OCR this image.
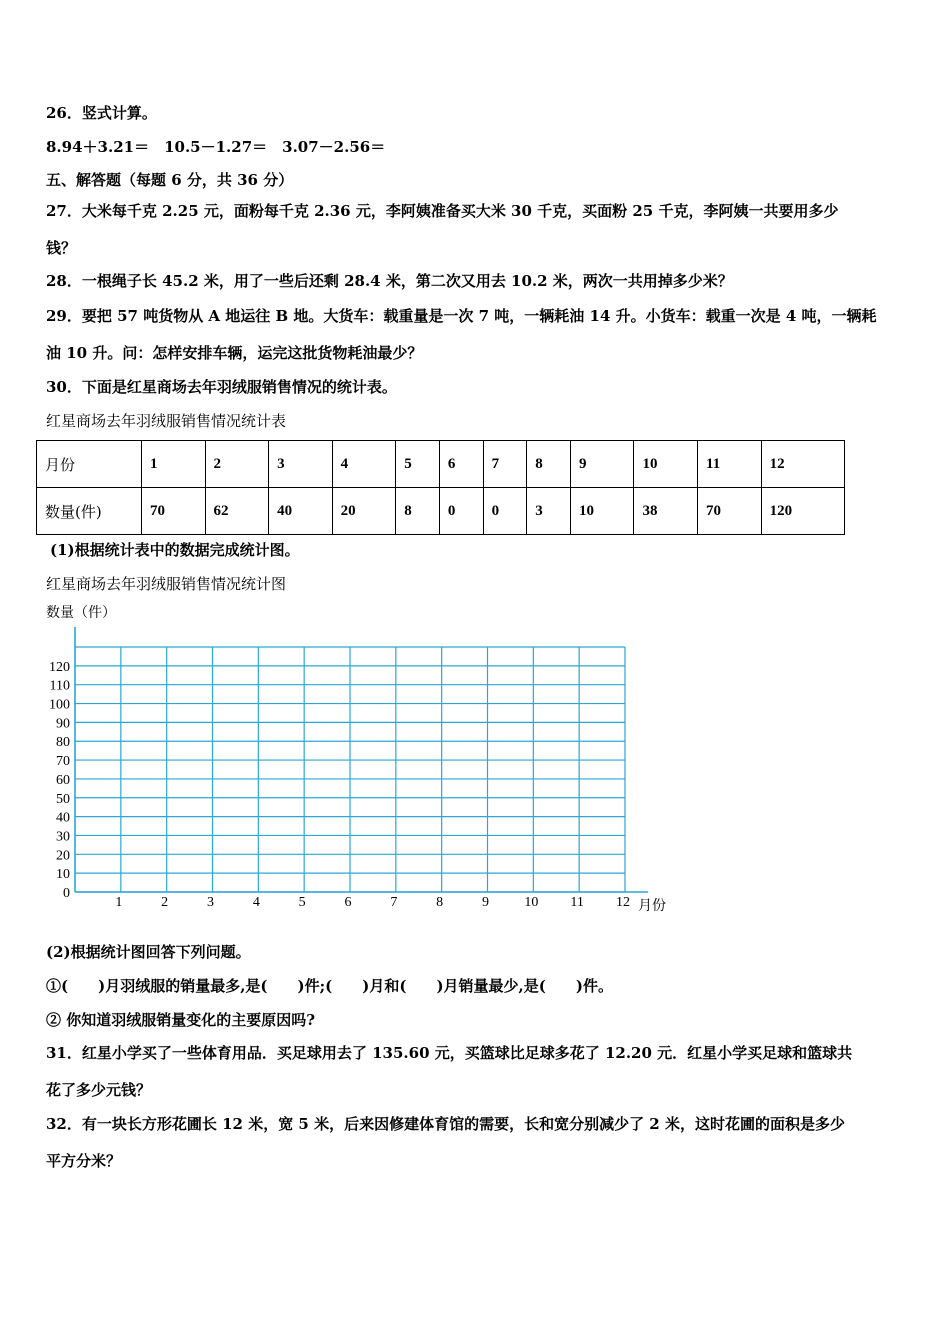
26．竖式计算。
8.94＋3.21＝　10.5－1.27＝　3.07－2.56＝
五、解答题（每题 6 分，共 36 分）
27．大米每千克 2.25 元，面粉每千克 2.36 元，李阿姨准备买大米 30 千克，买面粉 25 千克，李阿姨一共要用多少
钱？
28．一根绳子长 45.2 米，用了一些后还剩 28.4 米，第二次又用去 10.2 米，两次一共用掉多少米？
29．要把 57 吨货物从 A 地运往 B 地。大货车：载重量是一次 7 吨，一辆耗油 14 升。小货车：载重一次是 4 吨，一辆耗
油 10 升。问：怎样安排车辆，运完这批货物耗油最少？
30．下面是红星商场去年羽绒服销售情况的统计表。
红星商场去年羽绒服销售情况统计表
月份	1	2	3	4	5	6	7	8	9	10	11	12
数量(件)	70	62	40	20	8	0	0	3	10	38	70	120
(1)根据统计表中的数据完成统计图。
红星商场去年羽绒服销售情况统计图
数量（件）
0
10
20
30
40
50
60
70
80
90
100
110
120
1	2	3	4	5	6	7	8	9	10 11 12 月份
(2)根据统计图回答下列问题。
①(　　)月羽绒服的销量最多,是(　　)件;(　　)月和(　　)月销量最少,是(　　)件。
② 你知道羽绒服销量变化的主要原因吗?
31．红星小学买了一些体育用品．买足球用去了 135.60 元，买篮球比足球多花了 12.20 元．红星小学买足球和篮球共
花了多少元钱？
32．有一块长方形花圃长 12 米，宽 5 米，后来因修建体育馆的需要，长和宽分别减少了 2 米，这时花圃的面积是多少
平方分米？
